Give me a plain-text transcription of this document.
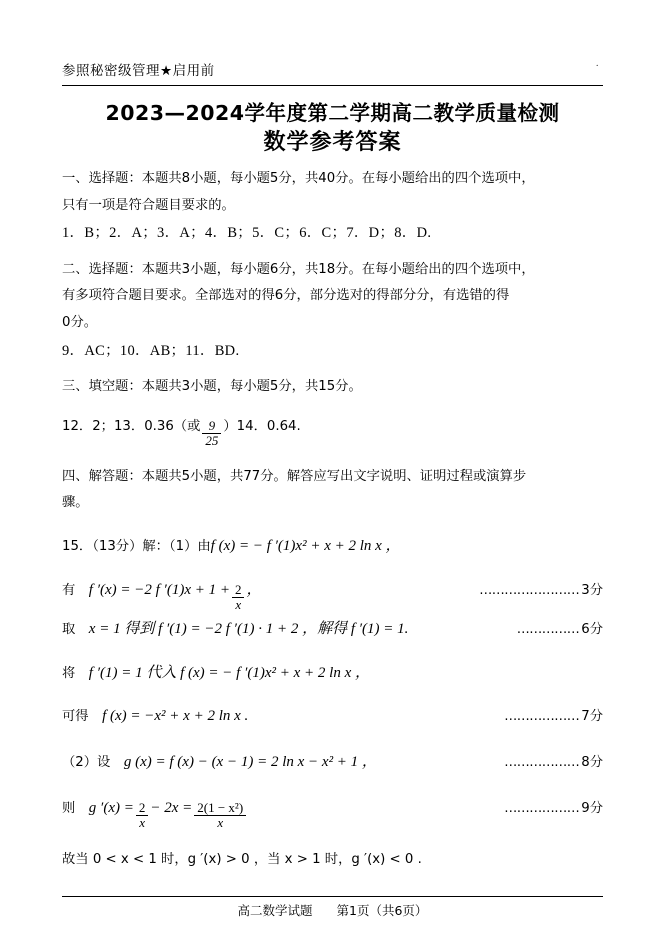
·
参照秘密级管理★启用前
2023—2024学年度第二学期高二教学质量检测
数学参考答案
一、选择题：本题共8小题，每小题5分，共40分。在每小题给出的四个选项中，
只有一项是符合题目要求的。
1．B；2．A；3．A；4．B；5．C；6．C；7．D；8．D.
二、选择题：本题共3小题，每小题6分，共18分。在每小题给出的四个选项中，
有多项符合题目要求。全部选对的得6分，部分选对的得部分分，有选错的得
0分。
9．AC；10．AB；11．BD.
三、填空题：本题共3小题，每小题5分，共15分。
12．2；13．0.36（或 $\frac{9}{25} )14$．0.64.
四、解答题：本题共5小题，共77分。解答应写出文字说明、证明过程或演算步
骤。
15．（13分）解：（1）由 f (x) = − f ′(1)x² + x + 2 ln x ，
有 f ′(x) = −2 f $'(1)x + 1 + \frac{2}{x}$ ，	…………………… 3分
取 x = 1 得到 f ′(1) = −2 f ′(1) · 1 + 2 ，解得 f ′(1) = 1.	…………… 6分
将 f ′(1) = 1 代入 f (x) = − f ′(1)x² + x + 2 ln x ，
可得 f (x) = −x² + x + 2 ln x .	……………… 7分
（2）设 g (x) = f (x) − (x − 1) = 2 ln x − x² + 1 ，	……………… 8分
则 g $'(x) = \frac{2}{x} - 2x = \frac{\text{2(1 − x²)}}{x}$	……………… 9分
故当 0 < x < 1 时，g ′(x) > 0 ，当 x > 1 时，g ′(x) < 0 .
高二数学试题 第1页（共6页）
